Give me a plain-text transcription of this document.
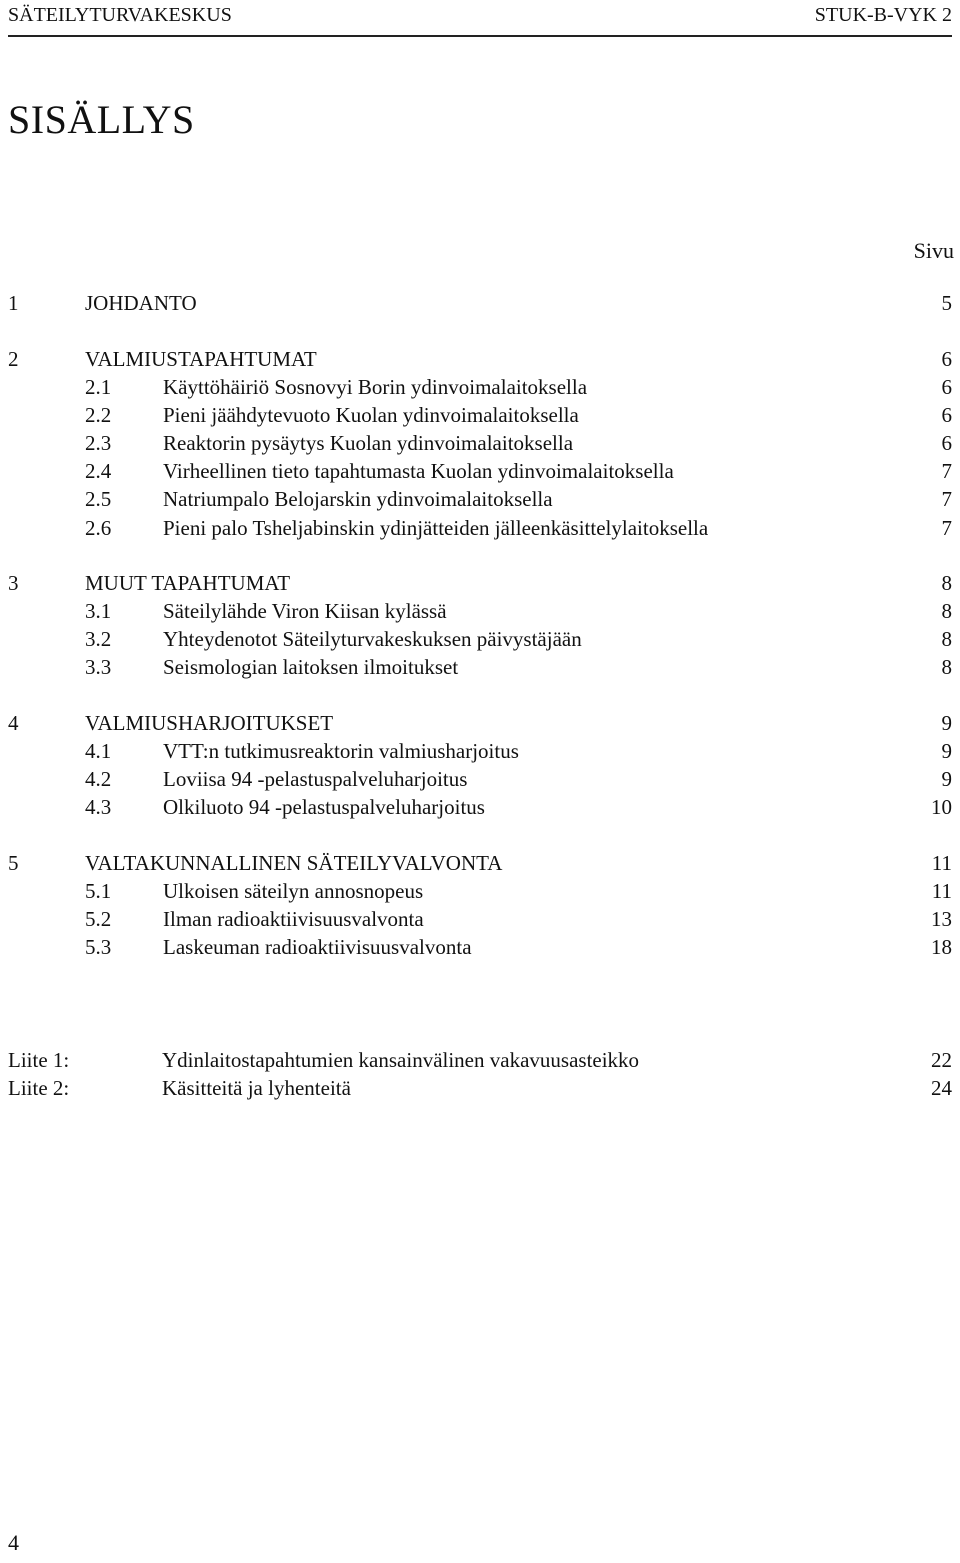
SÄTEILYTURVAKESKUS	STUK-B-VYK 2
SISÄLLYS
Sivu
1	JOHDANTO	5
2	VALMIUSTAPAHTUMAT	6
2.1 Käyttöhäiriö Sosnovyi Borin ydinvoimalaitoksella	6
2.2 Pieni jäähdytevuoto Kuolan ydinvoimalaitoksella	6
2.3 Reaktorin pysäytys Kuolan ydinvoimalaitoksella	6
2.4 Virheellinen tieto tapahtumasta Kuolan ydinvoimalaitoksella	7
2.5 Natriumpalo Belojarskin ydinvoimalaitoksella	7
2.6 Pieni palo Tsheljabinskin ydinjätteiden jälleenkäsittelylaitoksella	7
3	MUUT TAPAHTUMAT	8
3.1 Säteilylähde Viron Kiisan kylässä	8
3.2 Yhteydenotot Säteilyturvakeskuksen päivystäjään	8
3.3 Seismologian laitoksen ilmoitukset	8
4	VALMIUSHARJOITUKSET	9
4.1 VTT:n tutkimusreaktorin valmiusharjoitus	9
4.2 Loviisa 94 -pelastuspalveluharjoitus	9
4.3 Olkiluoto 94 -pelastuspalveluharjoitus	10
5	VALTAKUNNALLINEN SÄTEILYVALVONTA	11
5.1 Ulkoisen säteilyn annosnopeus	11
5.2 Ilman radioaktiivisuusvalvonta	13
5.3 Laskeuman radioaktiivisuusvalvonta	18
Liite 1:	Ydinlaitostapahtumien kansainvälinen vakavuusasteikko	22
Liite 2:	Käsitteitä ja lyhenteitä	24
4
